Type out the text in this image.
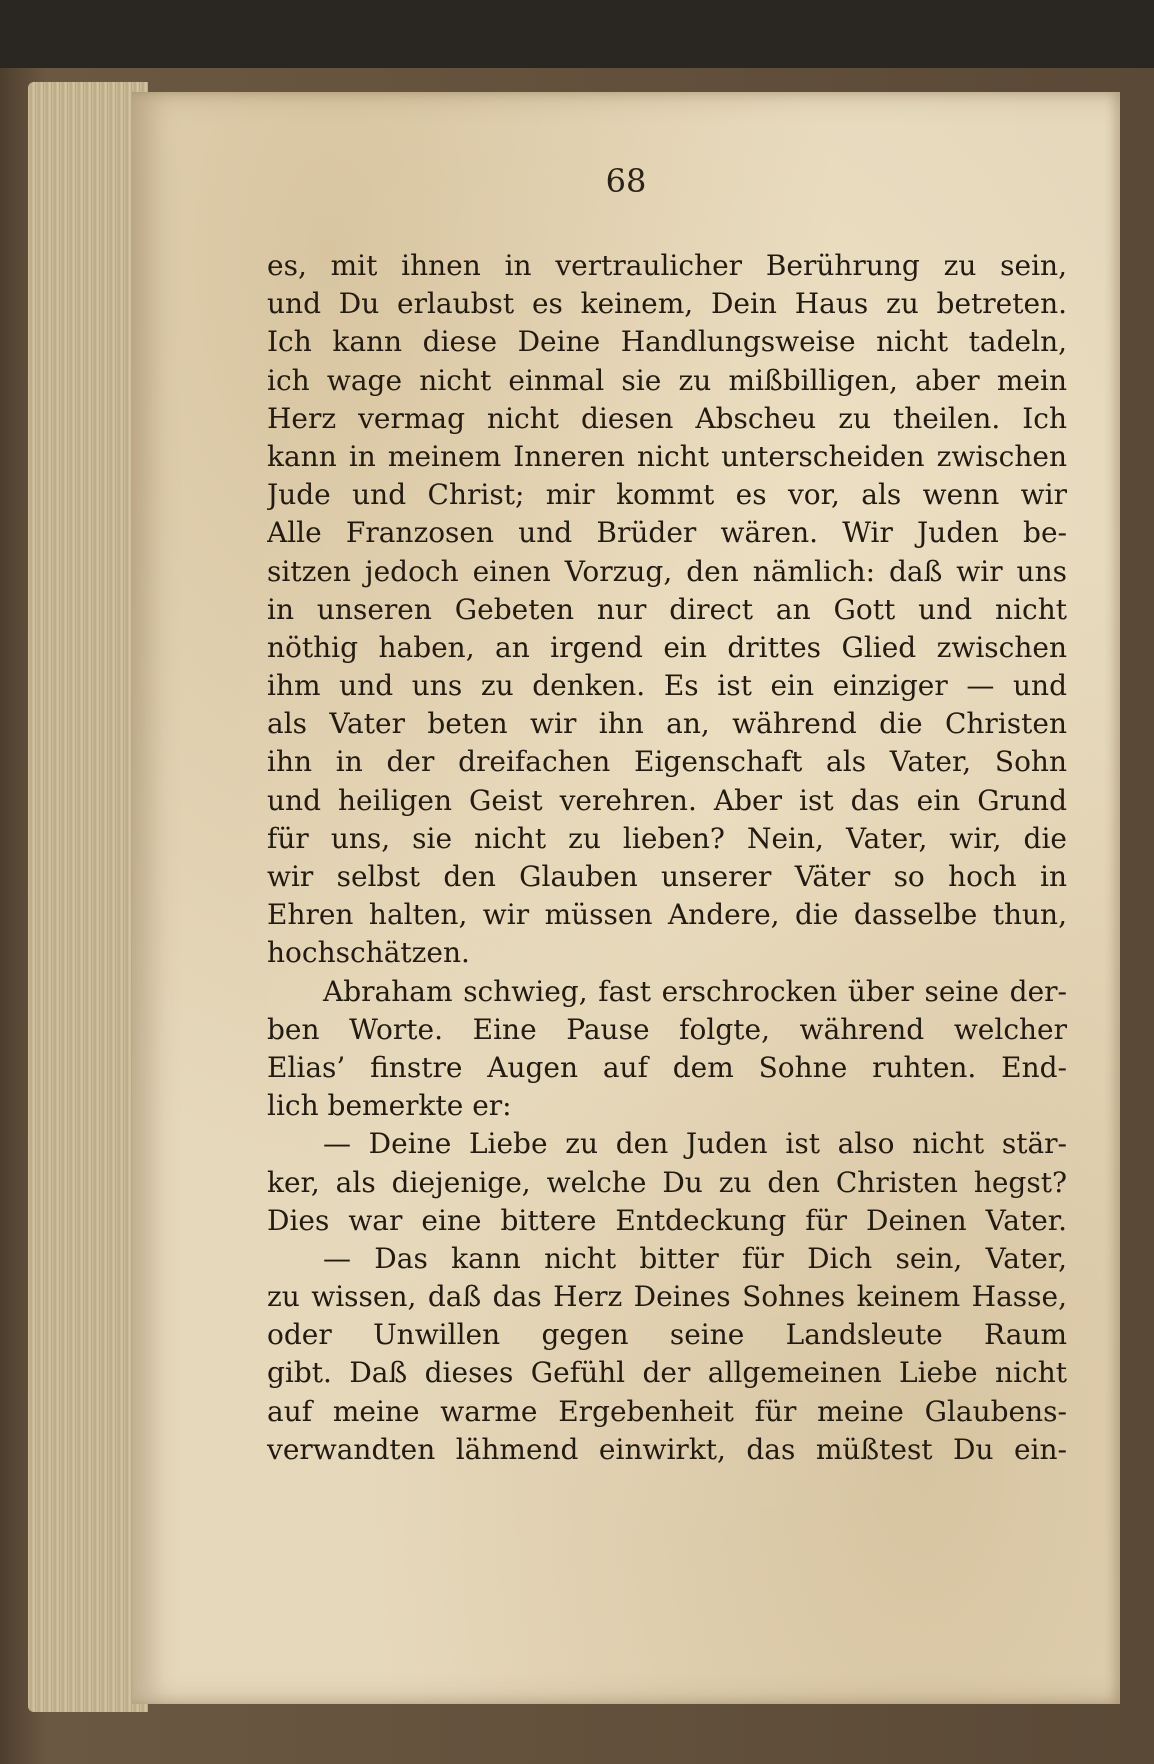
68
es, mit ihnen in vertraulicher Berührung zu sein,
und Du erlaubst es keinem, Dein Haus zu betreten.
Ich kann diese Deine Handlungsweise nicht tadeln,
ich wage nicht einmal sie zu mißbilligen, aber mein
Herz vermag nicht diesen Abscheu zu theilen. Ich
kann in meinem Inneren nicht unterscheiden zwischen
Jude und Christ; mir kommt es vor, als wenn wir
Alle Franzosen und Brüder wären. Wir Juden be-
sitzen jedoch einen Vorzug, den nämlich: daß wir uns
in unseren Gebeten nur direct an Gott und nicht
nöthig haben, an irgend ein drittes Glied zwischen
ihm und uns zu denken. Es ist ein einziger — und
als Vater beten wir ihn an, während die Christen
ihn in der dreifachen Eigenschaft als Vater, Sohn
und heiligen Geist verehren. Aber ist das ein Grund
für uns, sie nicht zu lieben? Nein, Vater, wir, die
wir selbst den Glauben unserer Väter so hoch in
Ehren halten, wir müssen Andere, die dasselbe thun,
hochschätzen.
Abraham schwieg, fast erschrocken über seine der-
ben Worte. Eine Pause folgte, während welcher
Elias’ finstre Augen auf dem Sohne ruhten. End-
lich bemerkte er:
— Deine Liebe zu den Juden ist also nicht stär-
ker, als diejenige, welche Du zu den Christen hegst?
Dies war eine bittere Entdeckung für Deinen Vater.
— Das kann nicht bitter für Dich sein, Vater,
zu wissen, daß das Herz Deines Sohnes keinem Hasse,
oder Unwillen gegen seine Landsleute Raum
gibt. Daß dieses Gefühl der allgemeinen Liebe nicht
auf meine warme Ergebenheit für meine Glaubens-
verwandten lähmend einwirkt, das müßtest Du ein-
